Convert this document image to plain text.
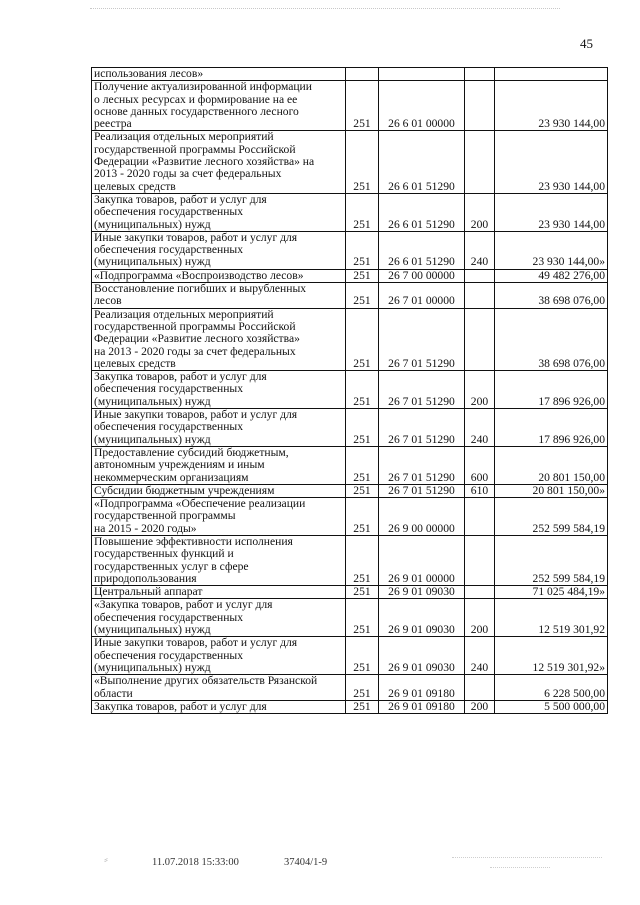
45
использования лесов»				
Получение актуализированной информации
о лесных ресурсах и формирование на ее
основе данных государственного лесного
реестра	251	26 6 01 00000		23 930 144,00
Реализация отдельных мероприятий
государственной программы Российской
Федерации «Развитие лесного хозяйства» на
2013 - 2020 годы за счет федеральных
целевых средств	251	26 6 01 51290		23 930 144,00
Закупка товаров, работ и услуг для
обеспечения государственных
(муниципальных) нужд	251	26 6 01 51290	200	23 930 144,00
Иные закупки товаров, работ и услуг для
обеспечения государственных
(муниципальных) нужд	251	26 6 01 51290	240	23 930 144,00»
«Подпрограмма «Воспроизводство лесов»	251	26 7 00 00000		49 482 276,00
Восстановление погибших и вырубленных
лесов	251	26 7 01 00000		38 698 076,00
Реализация отдельных мероприятий
государственной программы Российской
Федерации «Развитие лесного хозяйства»
на 2013 - 2020 годы за счет федеральных
целевых средств	251	26 7 01 51290		38 698 076,00
Закупка товаров, работ и услуг для
обеспечения государственных
(муниципальных) нужд	251	26 7 01 51290	200	17 896 926,00
Иные закупки товаров, работ и услуг для
обеспечения государственных
(муниципальных) нужд	251	26 7 01 51290	240	17 896 926,00
Предоставление субсидий бюджетным,
автономным учреждениям и иным
некоммерческим организациям	251	26 7 01 51290	600	20 801 150,00
Субсидии бюджетным учреждениям	251	26 7 01 51290	610	20 801 150,00»
«Подпрограмма «Обеспечение реализации
государственной программы
на 2015 - 2020 годы»	251	26 9 00 00000		252 599 584,19
Повышение эффективности исполнения
государственных функций и
государственных услуг в сфере
природопользования	251	26 9 01 00000		252 599 584,19
Центральный аппарат	251	26 9 01 09030		71 025 484,19»
«Закупка товаров, работ и услуг для
обеспечения государственных
(муниципальных) нужд	251	26 9 01 09030	200	12 519 301,92
Иные закупки товаров, работ и услуг для
обеспечения государственных
(муниципальных) нужд	251	26 9 01 09030	240	12 519 301,92»
«Выполнение других обязательств Рязанской
области	251	26 9 01 09180		6 228 500,00
Закупка товаров, работ и услуг для	251	26 9 01 09180	200	5 500 000,00
⸗	11.07.2018 15:33:00	37404/1-9
